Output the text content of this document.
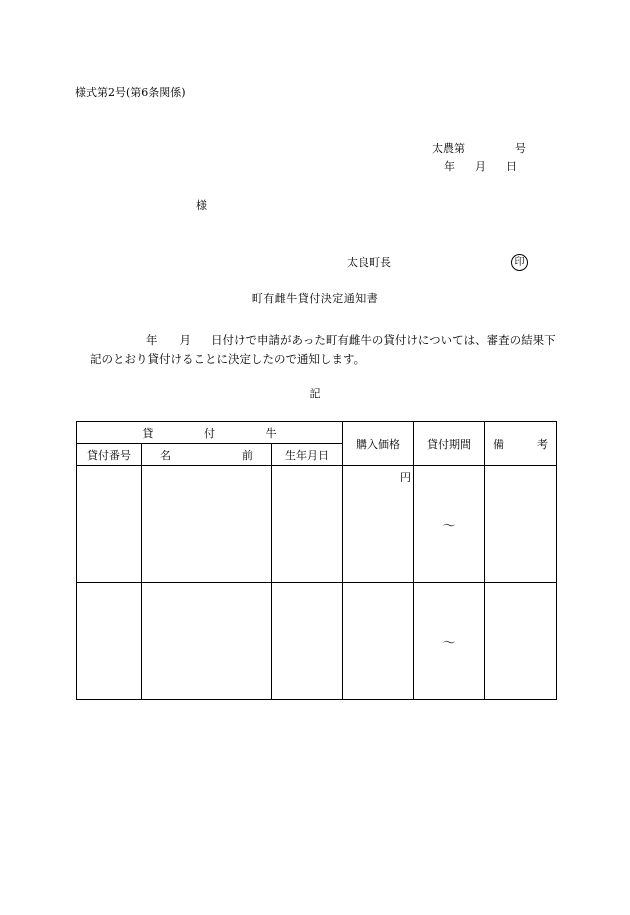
様式第2号(第6条関係)
太農第	号
年 月 日
様
太良町長	印
町有雌牛貸付決定通知書
年 月 日付けで申請があった町有雌牛の貸付けについては、審査の結果下記のとおり貸付けることに決定したので通知します。
記
貸 付 牛			購入価格	貸付期間	備 考

貸付番号	名 前	生年月日			

			円	～	
				～	
